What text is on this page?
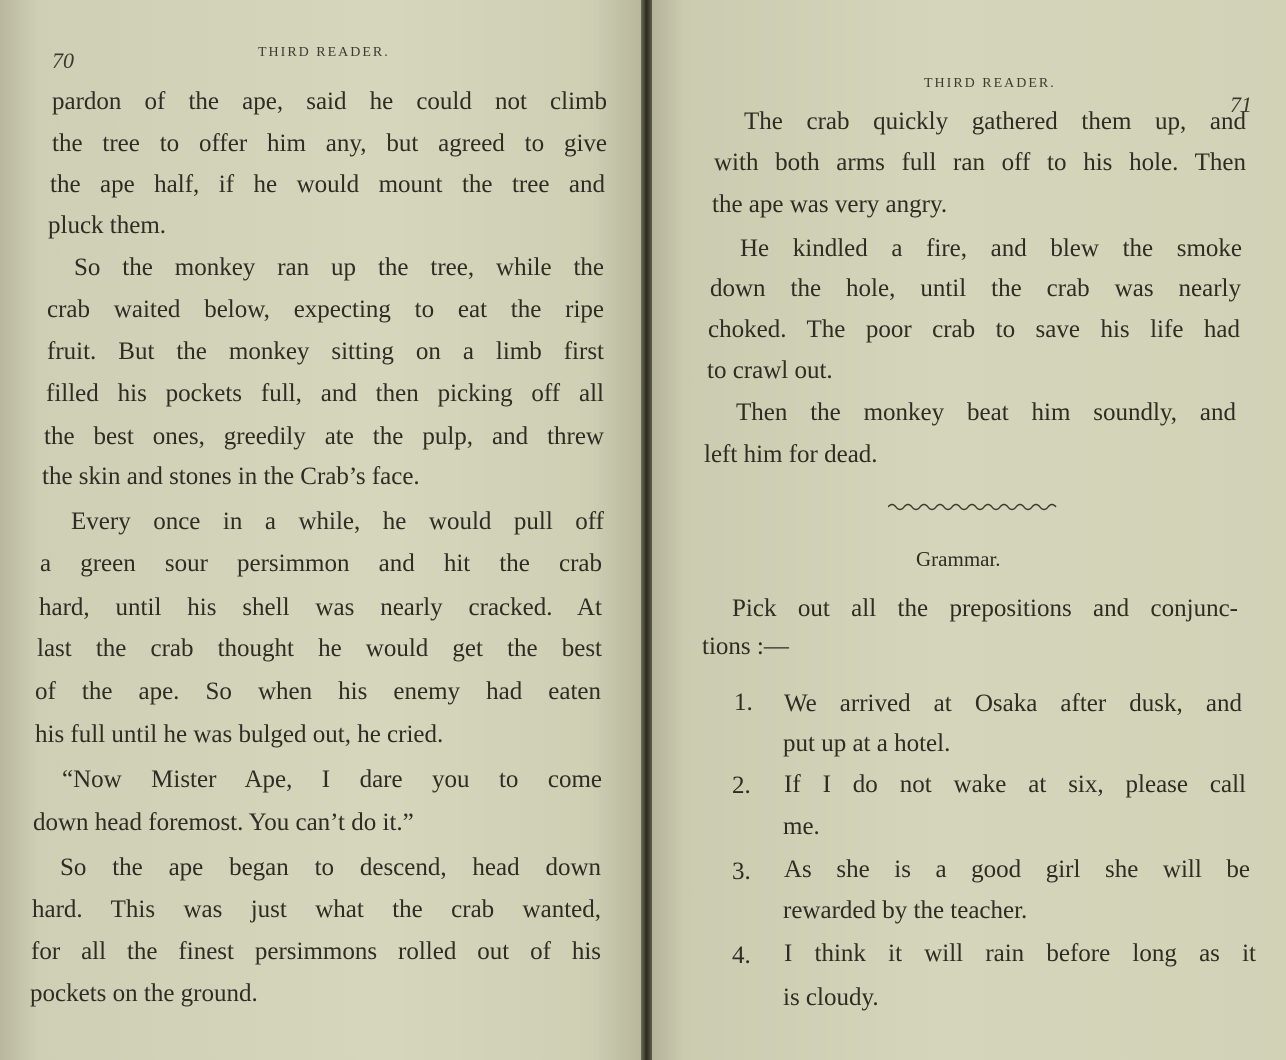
70	THIRD READER.
pardon of the ape, said he could not climb
the tree to offer him any, but agreed to give
the ape half, if he would mount the tree and
pluck them.
So the monkey ran up the tree, while the
crab waited below, expecting to eat the ripe
fruit. But the monkey sitting on a limb first
filled his pockets full, and then picking off all
the best ones, greedily ate the pulp, and threw
the skin and stones in the Crab’s face.
Every once in a while, he would pull off
a green sour persimmon and hit the crab
hard, until his shell was nearly cracked. At
last the crab thought he would get the best
of the ape. So when his enemy had eaten
his full until he was bulged out, he cried.
“Now Mister Ape, I dare you to come
down head foremost. You can’t do it.”
So the ape began to descend, head down
hard. This was just what the crab wanted,
for all the finest persimmons rolled out of his
pockets on the ground.
THIRD READER.
71
The crab quickly gathered them up, and
with both arms full ran off to his hole. Then
the ape was very angry.
He kindled a fire, and blew the smoke
down the hole, until the crab was nearly
choked. The poor crab to save his life had
to crawl out.
Then the monkey beat him soundly, and
left him for dead.
Grammar.
Pick out all the prepositions and conjunc-
tions :—
1. We arrived at Osaka after dusk, and
put up at a hotel.
2. If I do not wake at six, please call
me.
3. As she is a good girl she will be
rewarded by the teacher.
4. I think it will rain before long as it
is cloudy.
